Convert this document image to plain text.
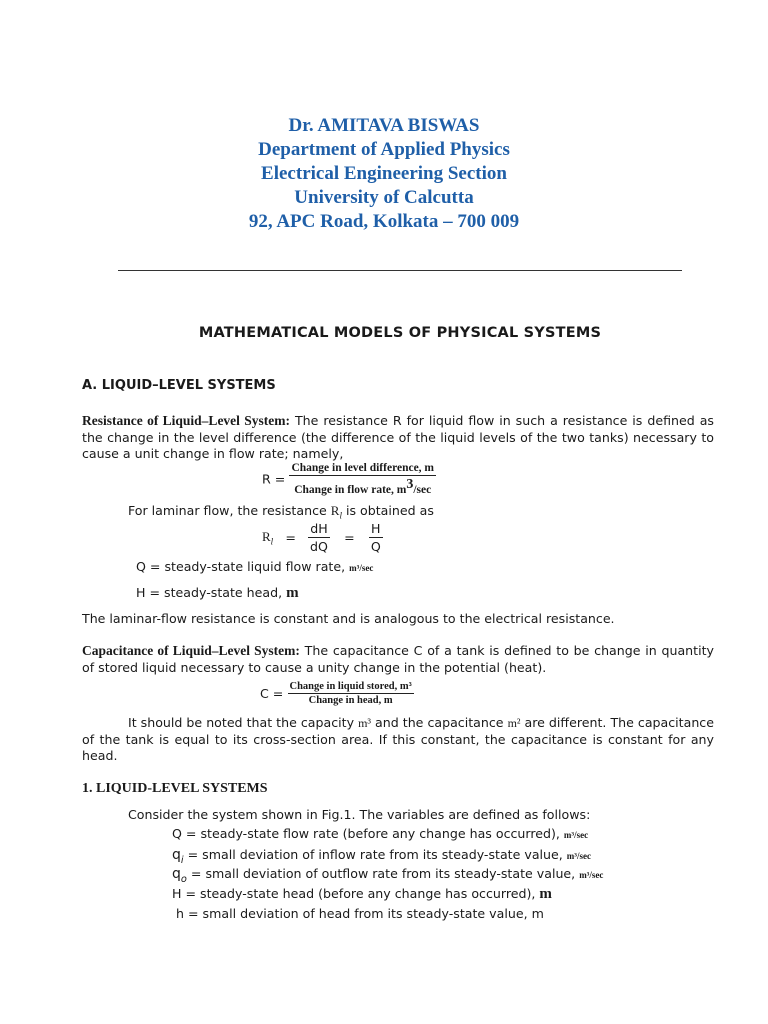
Dr. AMITAVA BISWAS
Department of Applied Physics
Electrical Engineering Section
University of Calcutta
92, APC Road, Kolkata – 700 009
MATHEMATICAL MODELS OF PHYSICAL SYSTEMS
A. LIQUID–LEVEL SYSTEMS
Resistance of Liquid–Level System: The resistance R for liquid flow in such a resistance is defined as the change in the level difference (the difference of the liquid levels of the two tanks) necessary to cause a unit change in flow rate; namely,
$R = \frac{\text{Change in level difference, m}}{Change in flow rate, m^3/\sec}$
For laminar flow, the resistance $R_l$ is obtained as
$R_l = \frac{dH}{dQ} = \frac{H}{Q}$
Q = steady-state liquid flow rate, m³/sec
H = steady-state head, m
The laminar-flow resistance is constant and is analogous to the electrical resistance.
Capacitance of Liquid–Level System: The capacitance C of a tank is defined to be change in quantity of stored liquid necessary to cause a unity change in the potential (heat).
$C = \frac{\text{Change in liquid stored, m³}}{\text{Change in head, m}}$
It should be noted that the capacity m³ and the capacitance m² are different. The capacitance of the tank is equal to its cross-section area. If this constant, the capacitance is constant for any head.
1. LIQUID-LEVEL SYSTEMS
Consider the system shown in Fig.1. The variables are defined as follows:
Q = steady-state flow rate (before any change has occurred), m³/sec
$q_i$ = small deviation of inflow rate from its steady-state value, m³/sec
$q_o$ = small deviation of outflow rate from its steady-state value, m³/sec
H = steady-state head (before any change has occurred), m
h = small deviation of head from its steady-state value, m
